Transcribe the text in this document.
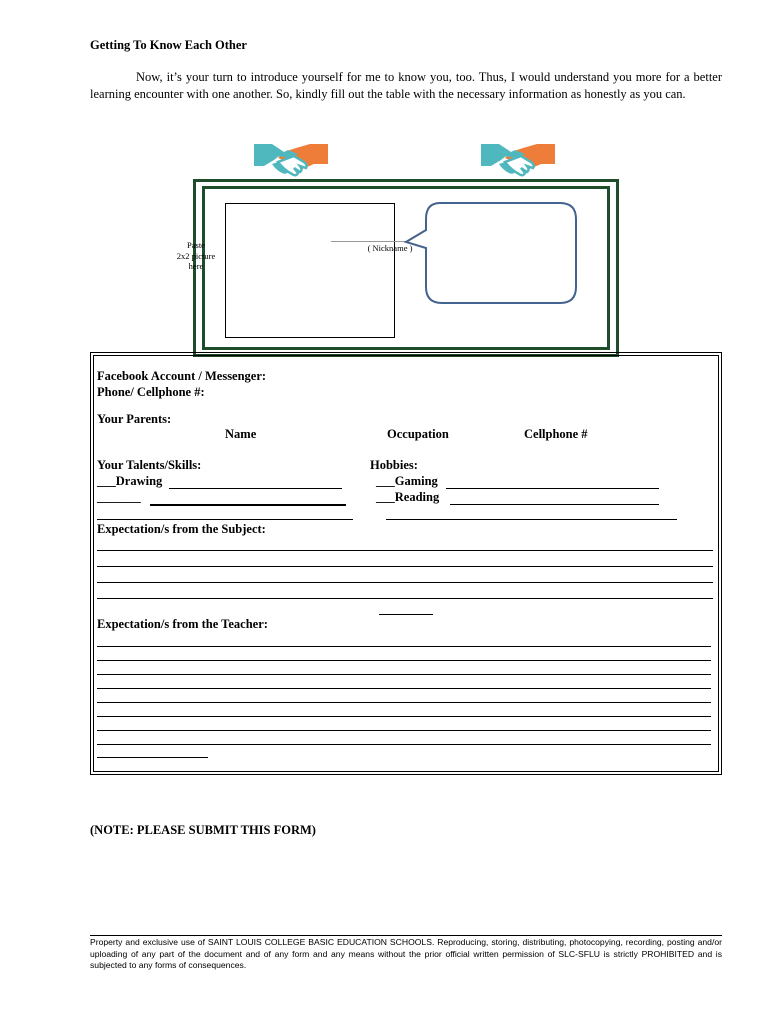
Getting To Know Each Other
Now, it’s your turn to introduce yourself for me to know you, too. Thus, I would understand you more for a better learning encounter with one another. So, kindly fill out the table with the necessary information as honestly as you can.
Paste
2x2 picture
here
( Nickname )
Facebook Account / Messenger:
Phone/ Cellphone #:
Your Parents:
Name	Occupation	Cellphone #
Your Talents/Skills:	Hobbies:
___Drawing	___Gaming
_______	___Reading
Expectation/s from the Subject:
Expectation/s from the Teacher:
(NOTE: PLEASE SUBMIT THIS FORM)
Property and exclusive use of SAINT LOUIS COLLEGE BASIC EDUCATION SCHOOLS. Reproducing, storing, distributing, photocopying, recording, posting and/or uploading of any part of the document and of any form and any means without the prior official written permission of SLC-SFLU is strictly PROHIBITED and is subjected to any forms of consequences.
